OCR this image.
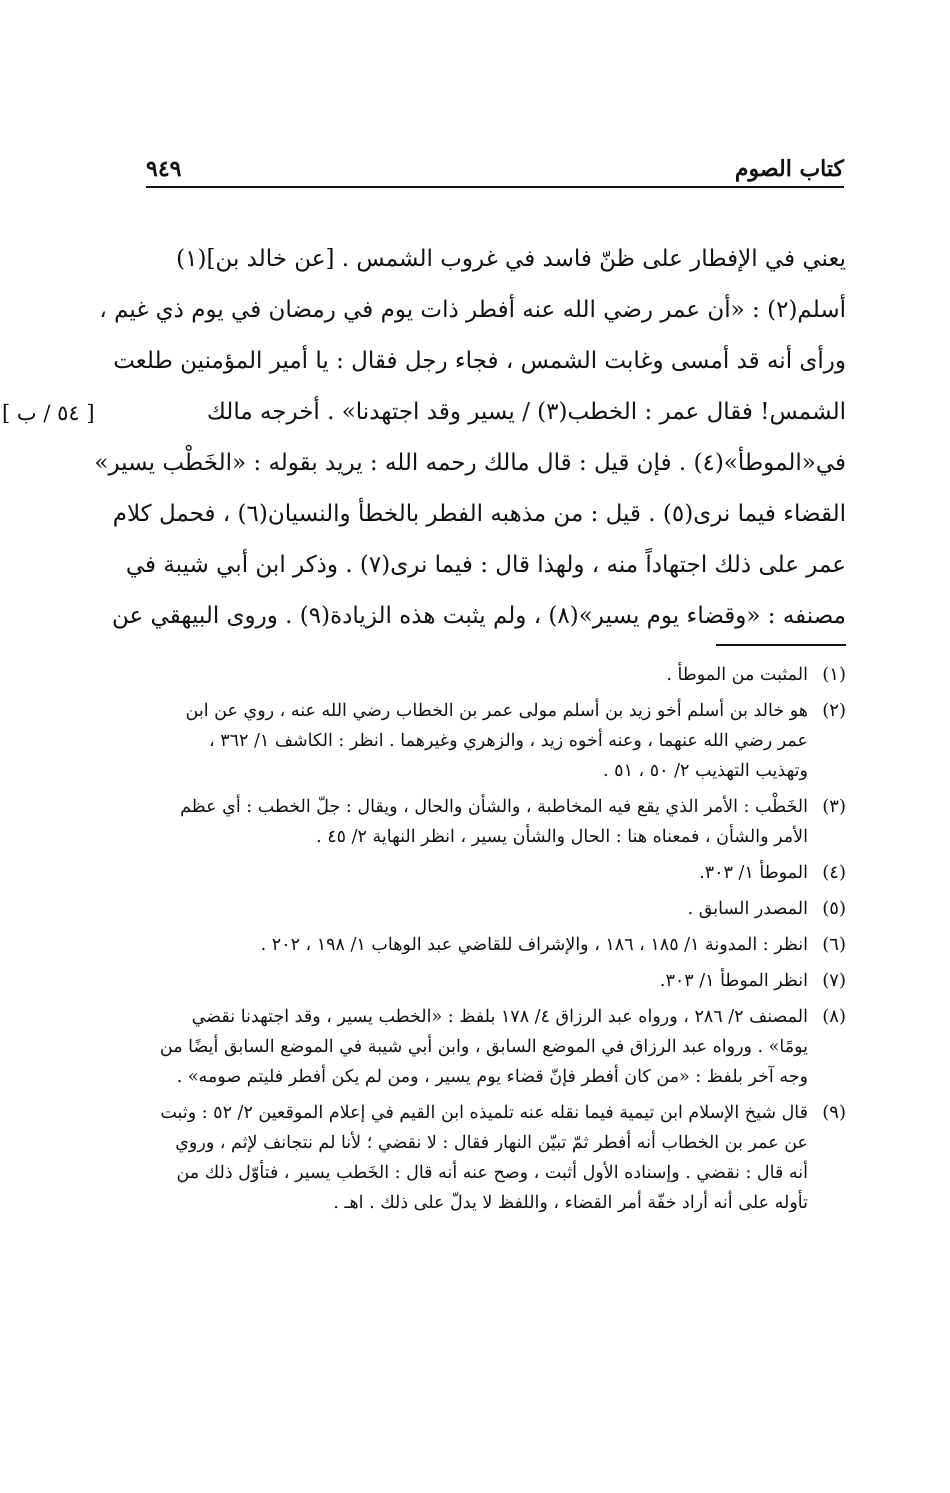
كتاب الصوم
٩٤٩
[ ٥٤ / ب ]
يعني في الإفطار على ظنّ فاسد في غروب الشمس . [عن خالد بن](١)
أسلم(٢) : «أن عمر رضي الله عنه أفطر ذات يوم في رمضان في يوم ذي غيم ،
ورأى أنه قد أمسى وغابت الشمس ، فجاء رجل فقال : يا أمير المؤمنين طلعت
الشمس! فقال عمر : الخطب(٣) / يسير وقد اجتهدنا» . أخرجه مالك
في«الموطأ»(٤) . فإن قيل : قال مالك رحمه الله : يريد بقوله : «الخَطْب يسير»
القضاء فيما نرى(٥) . قيل : من مذهبه الفطر بالخطأ والنسيان(٦) ، فحمل كلام
عمر على ذلك اجتهاداً منه ، ولهذا قال : فيما نرى(٧) . وذكر ابن أبي شيبة في
مصنفه : «وقضاء يوم يسير»(٨) ، ولم يثبت هذه الزيادة(٩) . وروى البيهقي عن
(١)
المثبت من الموطأ .
(٢)
هو خالد بن أسلم أخو زيد بن أسلم مولى عمر بن الخطاب رضي الله عنه ، روي عن ابن
عمر رضي الله عنهما ، وعنه أخوه زيد ، والزهري وغيرهما . انظر : الكاشف ١/ ٣٦٢ ،
وتهذيب التهذيب ٢/ ٥٠ ، ٥١ .
(٣)
الخَطْب : الأمر الذي يقع فيه المخاطبة ، والشأن والحال ، ويقال : جلّ الخطب : أي عظم
الأمر والشأن ، فمعناه هنا : الحال والشأن يسير ، انظر النهاية ٢/ ٤٥ .
(٤)
الموطأ ١/ ٣٠٣.
(٥)
المصدر السابق .
(٦)
انظر : المدونة ١/ ١٨٥ ، ١٨٦ ، والإشراف للقاضي عبد الوهاب ١/ ١٩٨ ، ٢٠٢ .
(٧)
انظر الموطأ ١/ ٣٠٣.
(٨)
المصنف ٢/ ٢٨٦ ، ورواه عبد الرزاق ٤/ ١٧٨ بلفظ : «الخطب يسير ، وقد اجتهدنا نقضي
يومًا» . ورواه عبد الرزاق في الموضع السابق ، وابن أبي شيبة في الموضع السابق أيضًا من
وجه آخر بلفظ : «من كان أفطر فإنّ قضاء يوم يسير ، ومن لم يكن أفطر فليتم صومه» .
(٩)
قال شيخ الإسلام ابن تيمية فيما نقله عنه تلميذه ابن القيم في إعلام الموقعين ٢/ ٥٢ : وثبت
عن عمر بن الخطاب أنه أفطر ثمّ تبيّن النهار فقال : لا نقضي ؛ لأنا لم نتجانف لإثم ، وروي
أنه قال : نقضي . وإسناده الأول أثبت ، وصح عنه أنه قال : الخَطب يسير ، فتأوّل ذلك من
تأوله على أنه أراد خفّة أمر القضاء ، واللفظ لا يدلّ على ذلك . اهـ .
